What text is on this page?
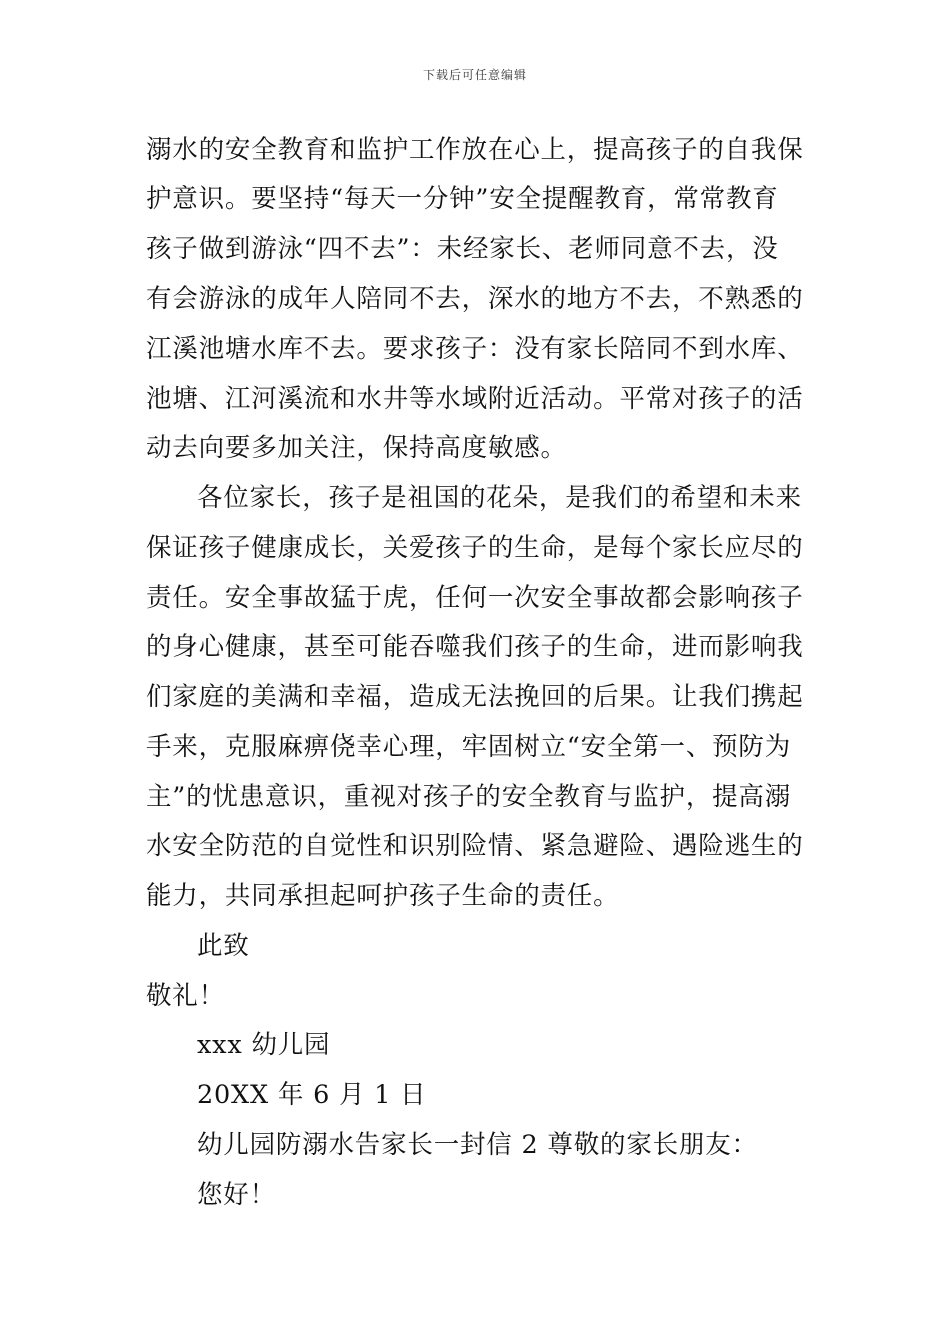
下载后可任意编辑
溺水的安全教育和监护工作放在心上，提高孩子的自我保
护意识。要坚持“每天一分钟”安全提醒教育，常常教育
孩子做到游泳“四不去”：未经家长、老师同意不去，没
有会游泳的成年人陪同不去，深水的地方不去，不熟悉的
江溪池塘水库不去。要求孩子：没有家长陪同不到水库、
池塘、江河溪流和水井等水域附近活动。平常对孩子的活
动去向要多加关注，保持高度敏感。
各位家长，孩子是祖国的花朵，是我们的希望和未来
保证孩子健康成长，关爱孩子的生命，是每个家长应尽的
责任。安全事故猛于虎，任何一次安全事故都会影响孩子
的身心健康，甚至可能吞噬我们孩子的生命，进而影响我
们家庭的美满和幸福，造成无法挽回的后果。让我们携起
手来，克服麻痹侥幸心理，牢固树立“安全第一、预防为
主”的忧患意识，重视对孩子的安全教育与监护，提高溺
水安全防范的自觉性和识别险情、紧急避险、遇险逃生的
能力，共同承担起呵护孩子生命的责任。
此致
敬礼！
xxx 幼儿园
20XX 年 6 月 1 日
幼儿园防溺水告家长一封信 2 尊敬的家长朋友：
您好！
